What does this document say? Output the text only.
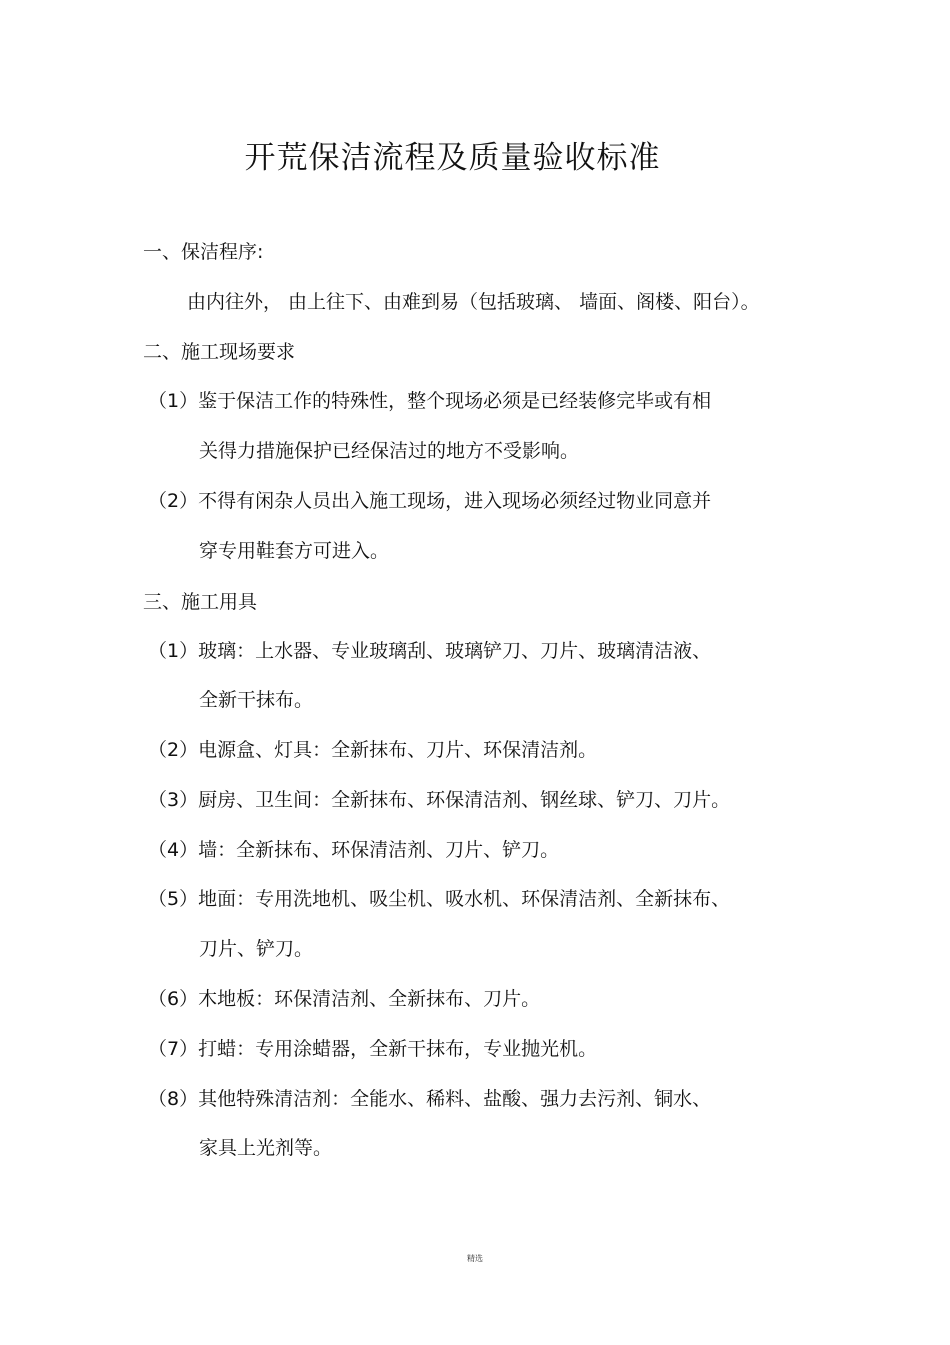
开荒保洁流程及质量验收标准
一、保洁程序:
由内往外， 由上往下、由难到易（包括玻璃、 墙面、阁楼、阳台）。
二、施工现场要求
（1）鉴于保洁工作的特殊性，整个现场必须是已经装修完毕或有相
关得力措施保护已经保洁过的地方不受影响。
（2）不得有闲杂人员出入施工现场，进入现场必须经过物业同意并
穿专用鞋套方可进入。
三、施工用具
（1）玻璃：上水器、专业玻璃刮、玻璃铲刀、刀片、玻璃清洁液、
全新干抹布。
（2）电源盒、灯具：全新抹布、刀片、环保清洁剂。
（3）厨房、卫生间：全新抹布、环保清洁剂、钢丝球、铲刀、刀片。
（4）墙：全新抹布、环保清洁剂、刀片、铲刀。
（5）地面：专用洗地机、吸尘机、吸水机、环保清洁剂、全新抹布、
刀片、铲刀。
（6）木地板：环保清洁剂、全新抹布、刀片。
（7）打蜡：专用涂蜡器，全新干抹布，专业抛光机。
（8）其他特殊清洁剂：全能水、稀料、盐酸、强力去污剂、铜水、
家具上光剂等。
精选
